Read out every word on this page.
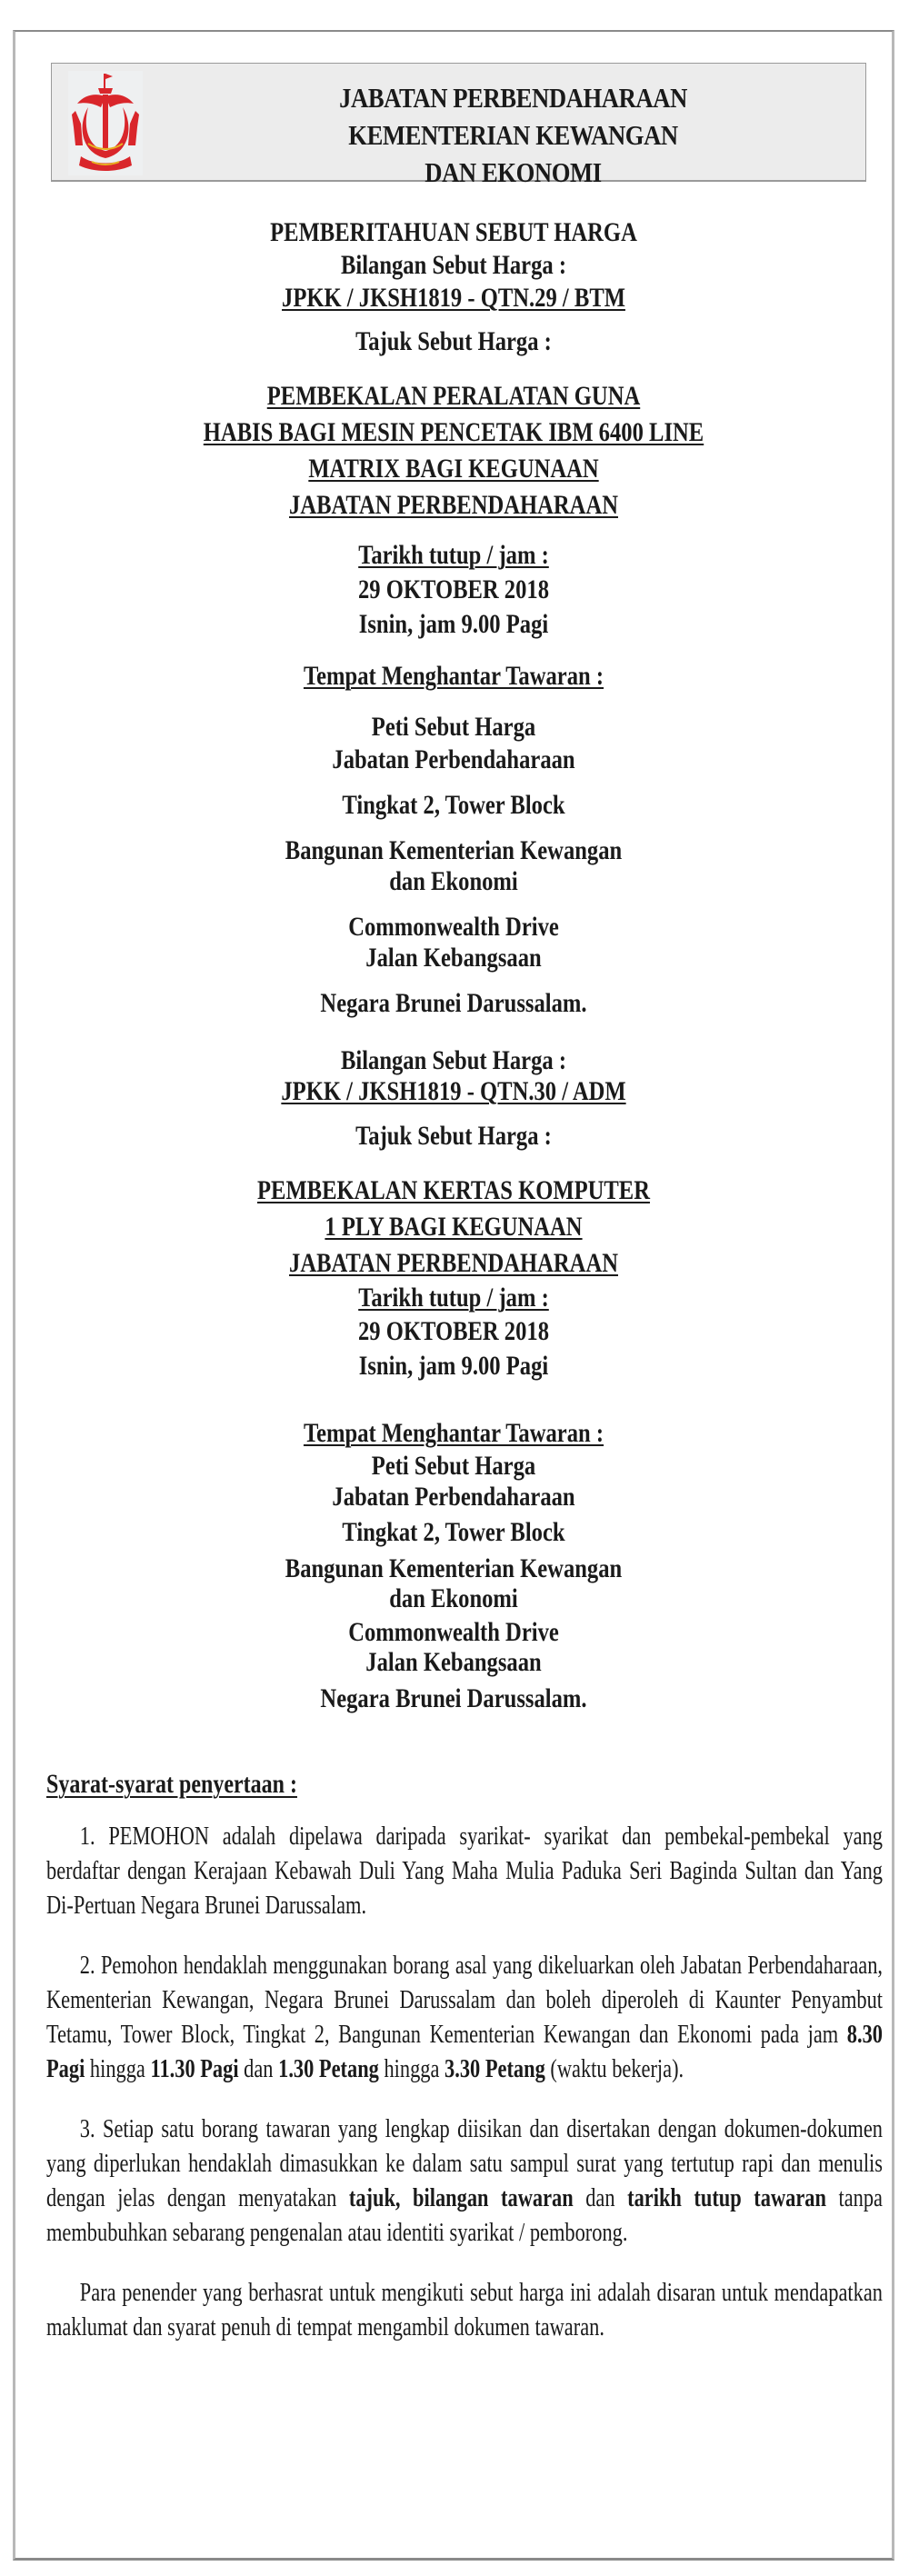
JABATAN PERBENDAHARAAN
KEMENTERIAN KEWANGAN
DAN EKONOMI
PEMBERITAHUAN SEBUT HARGA
Bilangan Sebut Harga :
JPKK / JKSH1819 - QTN.29 / BTM
Tajuk Sebut Harga :
PEMBEKALAN PERALATAN GUNA
HABIS BAGI MESIN PENCETAK IBM 6400 LINE
MATRIX BAGI KEGUNAAN
JABATAN PERBENDAHARAAN
Tarikh tutup / jam :
29 OKTOBER 2018
Isnin, jam 9.00 Pagi
Tempat Menghantar Tawaran :
Peti Sebut Harga
Jabatan Perbendaharaan
Tingkat 2, Tower Block
Bangunan Kementerian Kewangan
dan Ekonomi
Commonwealth Drive
Jalan Kebangsaan
Negara Brunei Darussalam.
Bilangan Sebut Harga :
JPKK / JKSH1819 - QTN.30 / ADM
Tajuk Sebut Harga :
PEMBEKALAN KERTAS KOMPUTER
1 PLY BAGI KEGUNAAN
JABATAN PERBENDAHARAAN
Tarikh tutup / jam :
29 OKTOBER 2018
Isnin, jam 9.00 Pagi
Tempat Menghantar Tawaran :
Peti Sebut Harga
Jabatan Perbendaharaan
Tingkat 2, Tower Block
Bangunan Kementerian Kewangan
dan Ekonomi
Commonwealth Drive
Jalan Kebangsaan
Negara Brunei Darussalam.

Syarat-syarat penyertaan :

1. PEMOHON adalah dipelawa daripada syarikat- syarikat dan pembekal-pembekal yang berdaftar dengan Kerajaan Kebawah Duli Yang Maha Mulia Paduka Seri Baginda Sultan dan Yang Di-Pertuan Negara Brunei Darussalam.

2. Pemohon hendaklah menggunakan borang asal yang dikeluarkan oleh Jabatan Perbendaharaan, Kementerian Kewangan, Negara Brunei Darussalam dan boleh diperoleh di Kaunter Penyambut Tetamu, Tower Block, Tingkat 2, Bangunan Kementerian Kewangan dan Ekonomi pada jam 8.30 Pagi hingga 11.30 Pagi dan 1.30 Petang hingga 3.30 Petang (waktu bekerja).

3. Setiap satu borang tawaran yang lengkap diisikan dan disertakan dengan dokumen-dokumen yang diperlukan hendaklah dimasukkan ke dalam satu sampul surat yang tertutup rapi dan menulis dengan jelas dengan menyatakan tajuk, bilangan tawaran dan tarikh tutup tawaran tanpa membubuhkan sebarang pengenalan atau identiti syarikat / pemborong.

Para penender yang berhasrat untuk mengikuti sebut harga ini adalah disaran untuk mendapatkan maklumat dan syarat penuh di tempat mengambil dokumen tawaran.
